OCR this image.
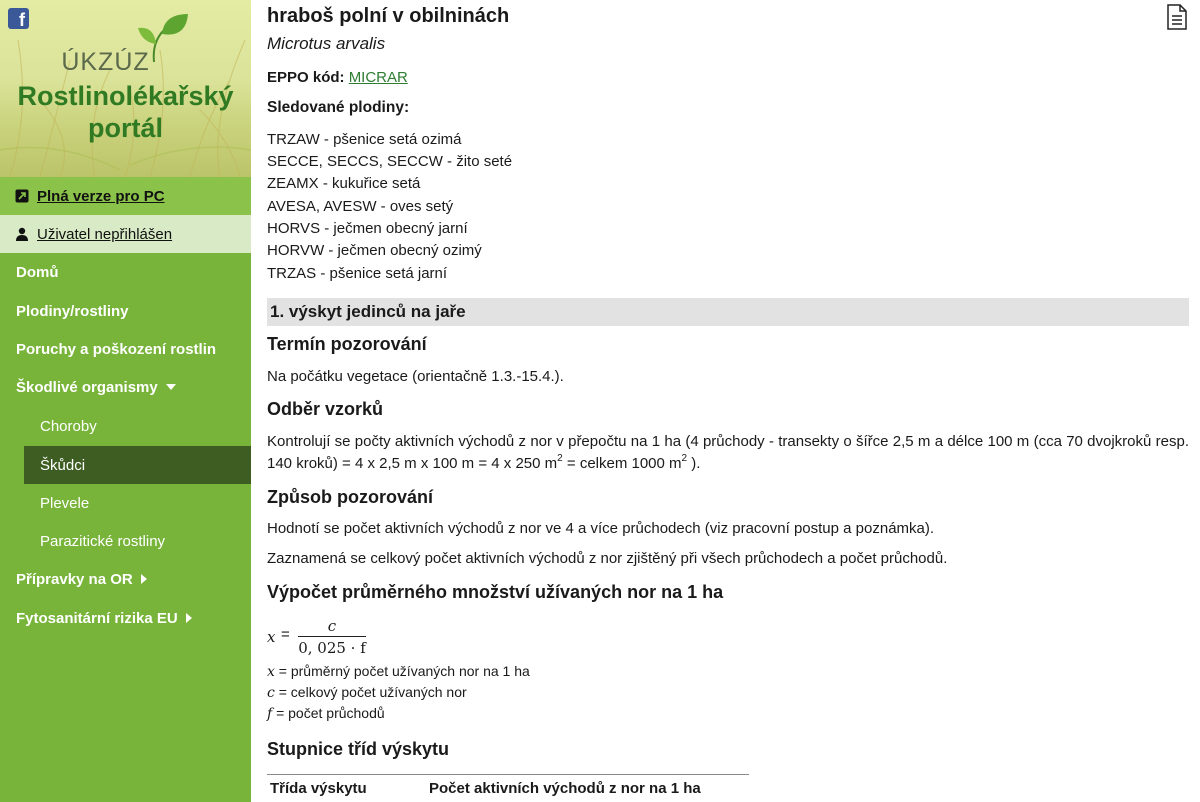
f
ÚKZÚZ
Rostlinolékařský
portál
Plná verze pro PC
Uživatel nepřihlášen
Domů
Plodiny/rostliny
Poruchy a poškození rostlin
Škodlivé organismy
Choroby
Škůdci
Plevele
Parazitické rostliny
Přípravky na OR
Fytosanitární rizika EU
hraboš polní v obilninách
Microtus arvalis
EPPO kód: MICRAR
Sledované plodiny:
TRZAW - pšenice setá ozimá
SECCE, SECCS, SECCW - žito seté
ZEAMX - kukuřice setá
AVESA, AVESW - oves setý
HORVS - ječmen obecný jarní
HORVW - ječmen obecný ozimý
TRZAS - pšenice setá jarní
1. výskyt jedinců na jaře
Termín pozorování
Na počátku vegetace (orientačně 1.3.-15.4.).
Odběr vzorků
Kontrolují se počty aktivních východů z nor v přepočtu na 1 ha (4 průchody - transekty o šířce 2,5 m a délce 100 m (cca 70 dvojkroků resp. 140 kroků) = 4 x 2,5 m x 100 m = 4 x 250 $m^2$ = celkem 1000 $m^2$ ).
Způsob pozorování
Hodnotí se počet aktivních východů z nor ve 4 a více průchodech (viz pracovní postup a poznámka).
Zaznamená se celkový počet aktivních východů z nor zjištěný při všech průchodech a počet průchodů.
Výpočet průměrného množství užívaných nor na 1 ha
$x = \frac{c}{0, 025 \cdot f}$
x = průměrný počet užívaných nor na 1 ha
c = celkový počet užívaných nor
f = počet průchodů
Stupnice tříd výskytu
Třída výskytu	Počet aktivních východů z nor na 1 ha
